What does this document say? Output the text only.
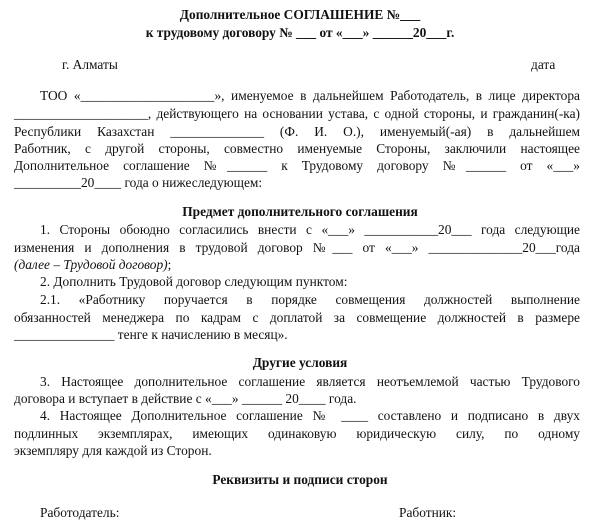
Дополнительное СОГЛАШЕНИЕ №___
к трудовому договору № ___ от «___» ______20___г.
г. Алматы	дата
ТОО «____________________», именуемое в дальнейшем Работодатель, в лице директора
____________________, действующего на основании устава, с одной стороны, и гражданин(-ка)
Республики Казахстан ______________ (Ф. И. О.), именуемый(-ая) в дальнейшем
Работник, с другой стороны, совместно именуемые Стороны, заключили настоящее
Дополнительное соглашение №______ к Трудовому договору №______ от «___»
__________20____ года о нижеследующем:
Предмет дополнительного соглашения
1. Стороны обоюдно согласились внести с «___» ___________20___ года следующие
изменения и дополнения в трудовой договор №___ от «___» ______________20___года
(далее – Трудовой договор);
2. Дополнить Трудовой договор следующим пунктом:
2.1. «Работнику поручается в порядке совмещения должностей выполнение
обязанностей менеджера по кадрам с доплатой за совмещение должностей в размере
_______________ тенге к начислению в месяц».
Другие условия
3. Настоящее дополнительное соглашение является неотъемлемой частью Трудового
договора и вступает в действие с «___» ______ 20____ года.
4. Настоящее Дополнительное соглашение № ____ составлено и подписано в двух
подлинных экземплярах, имеющих одинаковую юридическую силу, по одному
экземпляру для каждой из Сторон.
Реквизиты и подписи сторон
Работодатель:	Работник:
